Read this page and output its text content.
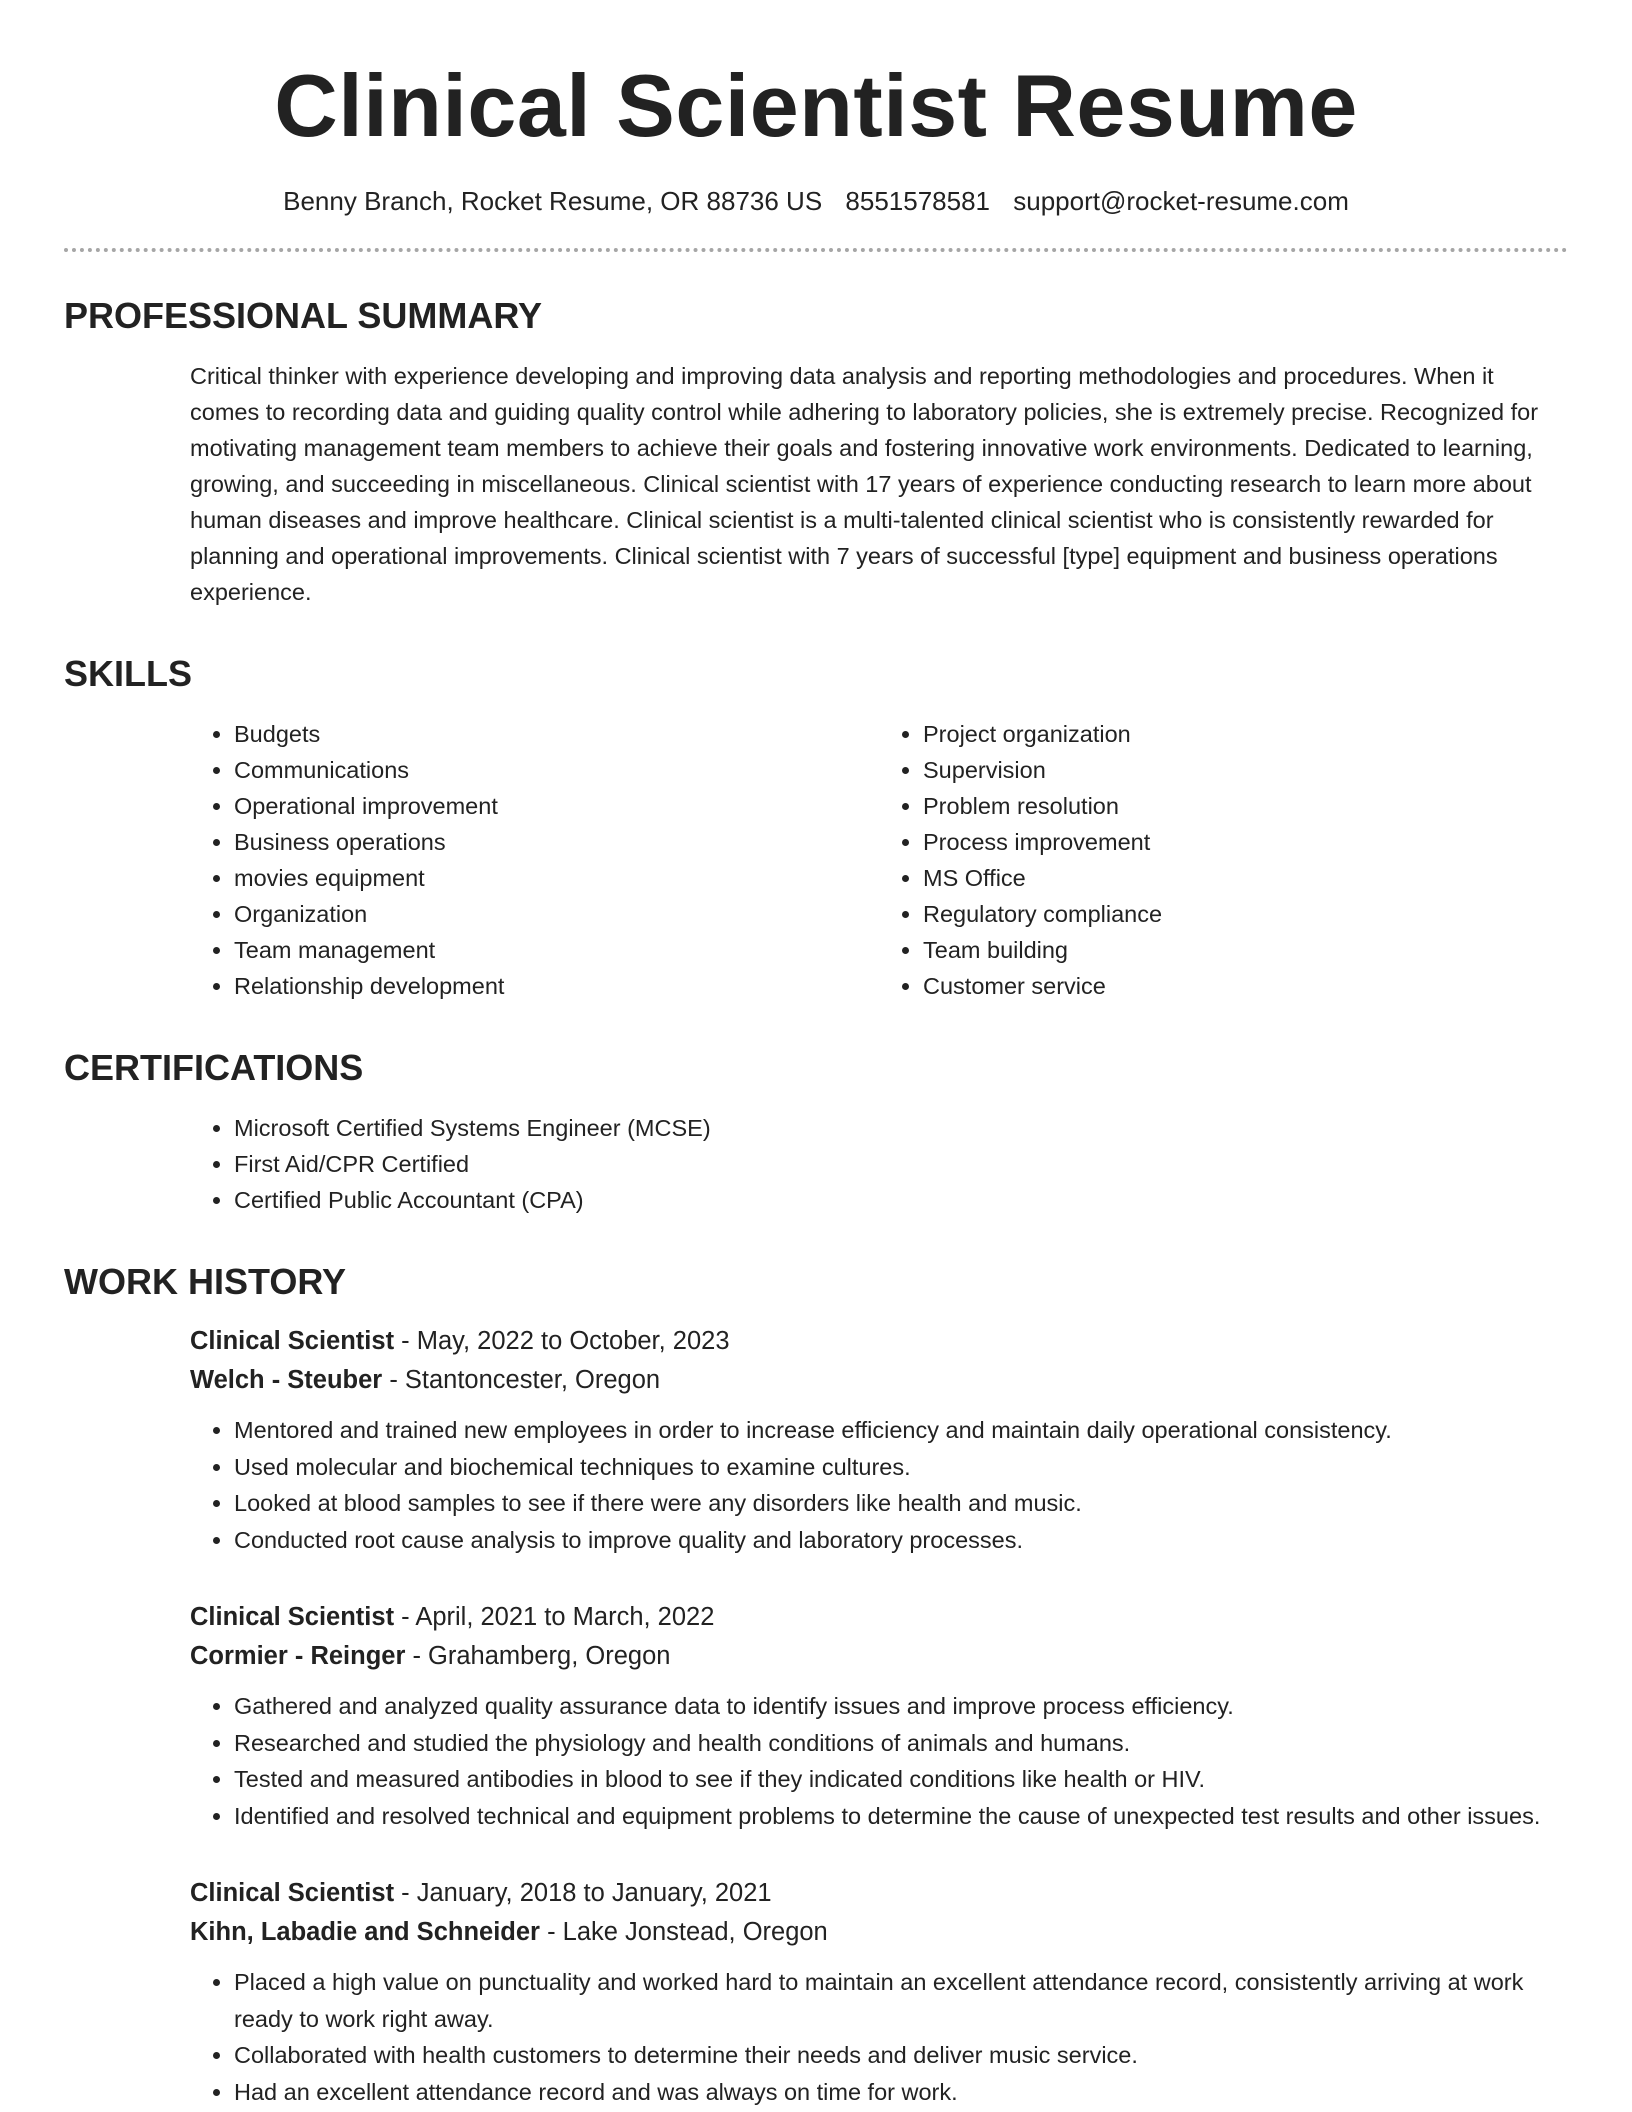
Clinical Scientist Resume
Benny Branch, Rocket Resume, OR 88736 US 8551578581 support@rocket-resume.com
PROFESSIONAL SUMMARY
Critical thinker with experience developing and improving data analysis and reporting methodologies and procedures. When it comes to recording data and guiding quality control while adhering to laboratory policies, she is extremely precise. Recognized for motivating management team members to achieve their goals and fostering innovative work environments. Dedicated to learning, growing, and succeeding in miscellaneous. Clinical scientist with 17 years of experience conducting research to learn more about human diseases and improve healthcare. Clinical scientist is a multi-talented clinical scientist who is consistently rewarded for planning and operational improvements. Clinical scientist with 7 years of successful [type] equipment and business operations experience.
SKILLS
• Budgets
• Communications
• Operational improvement
• Business operations
• movies equipment
• Organization
• Team management
• Relationship development
• Project organization
• Supervision
• Problem resolution
• Process improvement
• MS Office
• Regulatory compliance
• Team building
• Customer service
CERTIFICATIONS
• Microsoft Certified Systems Engineer (MCSE)
• First Aid/CPR Certified
• Certified Public Accountant (CPA)
WORK HISTORY
Clinical Scientist - May, 2022 to October, 2023
Welch - Steuber - Stantoncester, Oregon
• Mentored and trained new employees in order to increase efficiency and maintain daily operational consistency.
• Used molecular and biochemical techniques to examine cultures.
• Looked at blood samples to see if there were any disorders like health and music.
• Conducted root cause analysis to improve quality and laboratory processes.
Clinical Scientist - April, 2021 to March, 2022
Cormier - Reinger - Grahamberg, Oregon
• Gathered and analyzed quality assurance data to identify issues and improve process efficiency.
• Researched and studied the physiology and health conditions of animals and humans.
• Tested and measured antibodies in blood to see if they indicated conditions like health or HIV.
• Identified and resolved technical and equipment problems to determine the cause of unexpected test results and other issues.
Clinical Scientist - January, 2018 to January, 2021
Kihn, Labadie and Schneider - Lake Jonstead, Oregon
• Placed a high value on punctuality and worked hard to maintain an excellent attendance record, consistently arriving at work ready to work right away.
• Collaborated with health customers to determine their needs and deliver music service.
• Had an excellent attendance record and was always on time for work.
